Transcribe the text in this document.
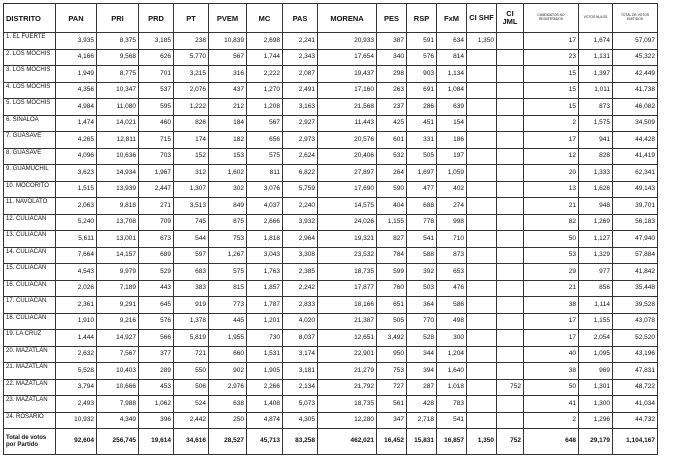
DISTRITO	PAN	PRI	PRD	PT	PVEM	MC	PAS	MORENA	PES	RSP	FxM	CI SHF	CI JML	CANDIDATOS NO REGISTRADOS	VOTOS NULOS	TOTAL DE VOTOS EMITIDOS
1. EL FUERTE	3,935	8,375	3,185	238	10,839	2,698	2,241	20,933	387	591	634	1,350		17	1,674	57,097
2. LOS MOCHIS	4,166	9,568	626	5,770	567	1,744	2,343	17,654	340	576	814			23	1,131	45,322
3. LOS MOCHIS	1,949	8,775	701	3,215	316	2,222	2,087	19,437	298	903	1,134			15	1,397	42,449
4. LOS MOCHIS	4,356	10,347	537	2,076	437	1,270	2,491	17,160	263	691	1,084			15	1,011	41,738
5. LOS MOCHIS	4,984	11,080	595	1,222	212	1,208	3,163	21,568	237	286	639			15	873	46,082
6. SINALOA	1,474	14,021	460	826	184	567	2,927	11,443	425	451	154			2	1,575	34,509
7. GUASAVE	4,265	12,811	715	174	182	656	2,973	20,576	601	331	186			17	941	44,428
8. GUASAVE	4,096	10,636	703	152	153	575	2,624	20,406	532	505	197			12	828	41,419
9. GUAMÚCHIL	3,623	14,934	1,967	312	1,602	811	6,822	27,897	264	1,697	1,059			20	1,333	62,341
10. MOCORITO	1,515	13,939	2,447	1,307	302	3,076	5,759	17,690	590	477	402			13	1,626	49,143
11. NAVOLATO	2,063	9,818	271	3,513	849	4,037	2,240	14,575	404	688	274			21	948	39,701
12. CULIACÁN	5,240	13,708	709	745	875	2,666	3,932	24,026	1,155	778	998			82	1,269	56,183
13. CULIACÁN	5,611	13,001	673	544	753	1,818	2,964	19,321	827	541	710			50	1,127	47,940
14. CULIACÁN	7,664	14,157	689	597	1,267	3,043	3,308	23,532	784	588	873			53	1,329	57,884
15. CULIACÁN	4,543	9,979	529	683	575	1,763	2,385	18,735	599	392	653			29	977	41,842
16. CULIACÁN	2,026	7,189	443	383	815	1,857	2,242	17,877	760	503	476			21	856	35,448
17. CULIACÁN	2,361	9,291	645	919	773	1,787	2,833	18,166	651	364	586			38	1,114	39,528
18. CULIACÁN	1,910	9,216	576	1,378	445	1,201	4,020	21,387	505	770	498			17	1,155	43,078
19. LA CRUZ	1,444	14,927	566	5,819	1,955	730	8,037	12,651	3,492	528	300			17	2,054	52,520
20. MAZATLÁN	2,632	7,567	377	721	660	1,531	3,174	22,901	950	344	1,204			40	1,095	43,196
21. MAZATLÁN	5,528	10,403	289	550	902	1,905	3,181	21,279	753	394	1,640			38	969	47,831
22. MAZATLÁN	3,794	10,666	453	506	2,976	2,266	2,134	21,792	727	287	1,018		752	50	1,301	48,722
23. MAZATLÁN	2,493	7,988	1,062	524	638	1,408	5,073	18,735	561	428	783			41	1,300	41,034
24. ROSARIO	10,932	4,349	396	2,442	250	4,874	4,305	12,280	347	2,718	541			2	1,296	44,732
Total de votos por Partido	92,604	256,745	19,614	34,616	28,527	45,713	83,258	462,021	16,452	15,831	16,857	1,350	752	648	29,179	1,104,167
